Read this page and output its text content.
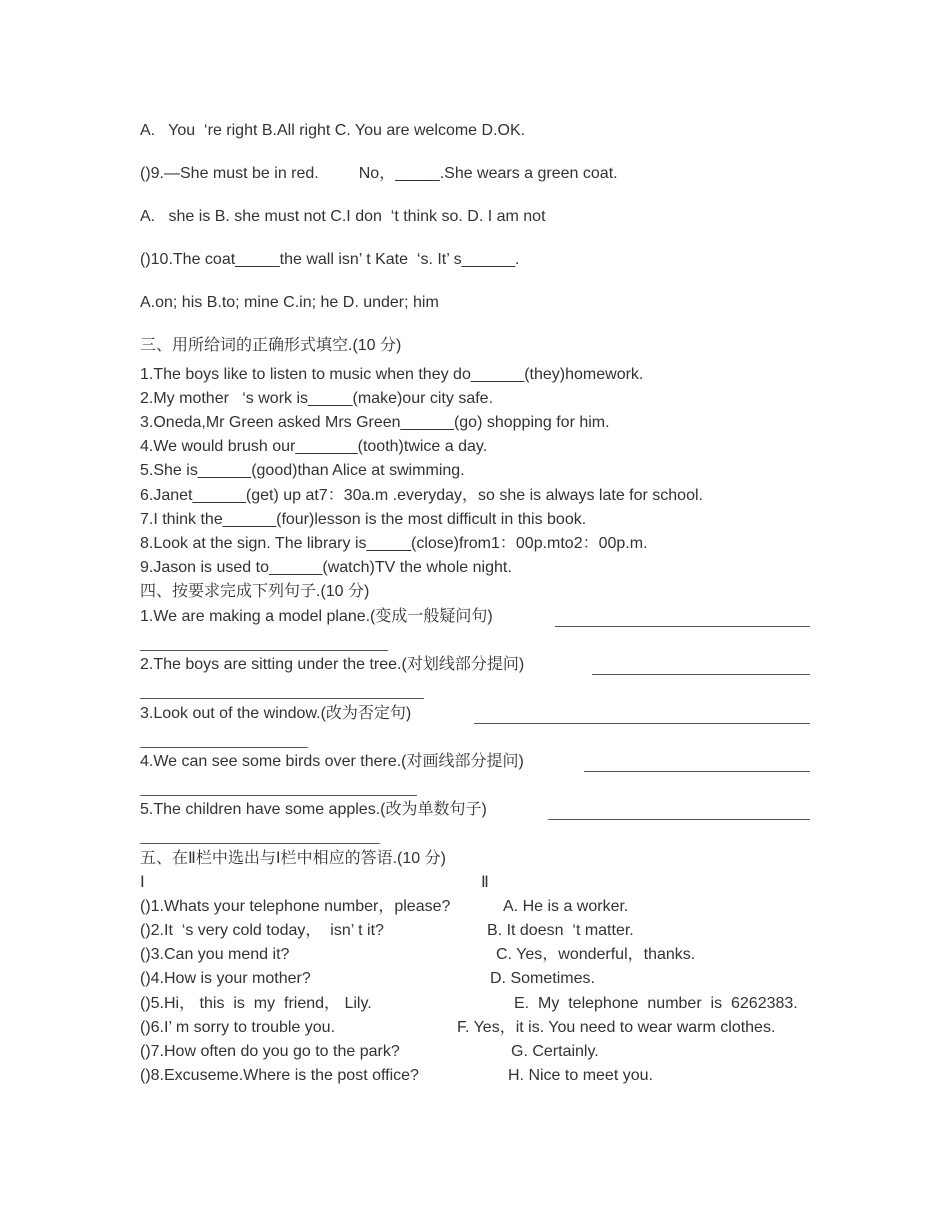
A.   You  ‘re right B.All right C. You are welcome D.OK.
()9.—She must be in red.         No，_____.She wears a green coat.
A.   she is B. she must not C.I don  ‘t think so. D. I am not
()10.The coat_____the wall isn’ t Kate  ‘s. It’ s______.
A.on; his B.to; mine C.in; he D. under; him
三、用所给词的正确形式填空.(10 分)
1.The boys like to listen to music when they do______(they)homework.
2.My mother   ‘s work is_____(make)our city safe.
3.Oneda,Mr Green asked Mrs Green______(go) shopping for him.
4.We would brush our_______(tooth)twice a day.
5.She is______(good)than Alice at swimming.
6.Janet______(get) up at7：30a.m .everyday，so she is always late for school.
7.I think the______(four)lesson is the most difficult in this book.
8.Look at the sign. The library is_____(close)from1：00p.mto2：00p.m.
9.Jason is used to______(watch)TV the whole night.
四、按要求完成下列句子.(10 分)
1.We are making a model plane.(变成一般疑问句)
2.The boys are sitting under the tree.(对划线部分提问)
3.Look out of the window.(改为否定句)
4.We can see some birds over there.(对画线部分提问)
5.The children have some apples.(改为单数句子)
五、在Ⅱ栏中选出与Ⅰ栏中相应的答语.(10 分)
Ⅰ	Ⅱ
()1.Whats your telephone number，please?	A. He is a worker.
()2.It  ‘s very cold today，  isn’ t it?	B. It doesn  ‘t matter.
()3.Can you mend it?	C. Yes，wonderful，thanks.
()4.How is your mother?	D. Sometimes.
()5.Hi， this  is  my  friend， Lily.	E.  My  telephone  number  is  6262383.
()6.I’ m sorry to trouble you.	F. Yes，it is. You need to wear warm clothes.
()7.How often do you go to the park?	G. Certainly.
()8.Excuseme.Where is the post office?	H. Nice to meet you.
